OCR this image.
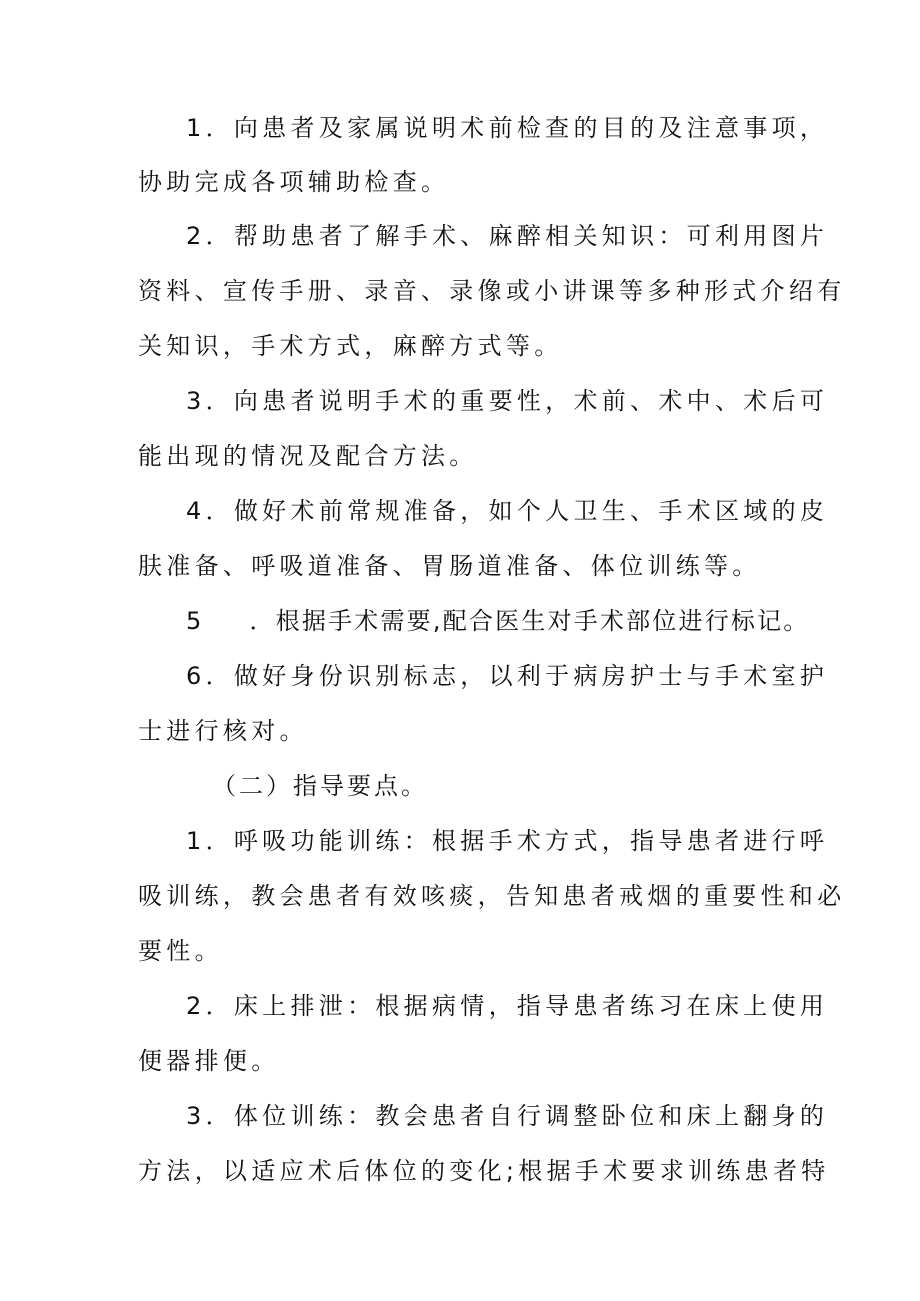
1．向患者及家属说明术前检查的目的及注意事项，
协助完成各项辅助检查。
2．帮助患者了解手术、麻醉相关知识：可利用图片
资料、宣传手册、录音、录像或小讲课等多种形式介绍有
关知识，手术方式，麻醉方式等。
3．向患者说明手术的重要性，术前、术中、术后可
能出现的情况及配合方法。
4．做好术前常规准备，如个人卫生、手术区域的皮
肤准备、呼吸道准备、胃肠道准备、体位训练等。
5 ．根据手术需要,配合医生对手术部位进行标记。
6．做好身份识别标志，以利于病房护士与手术室护
士进行核对。
（二）指导要点。
1．呼吸功能训练：根据手术方式，指导患者进行呼
吸训练，教会患者有效咳痰，告知患者戒烟的重要性和必
要性。
2．床上排泄：根据病情，指导患者练习在床上使用
便器排便。
3．体位训练：教会患者自行调整卧位和床上翻身的
方法，以适应术后体位的变化;根据手术要求训练患者特
